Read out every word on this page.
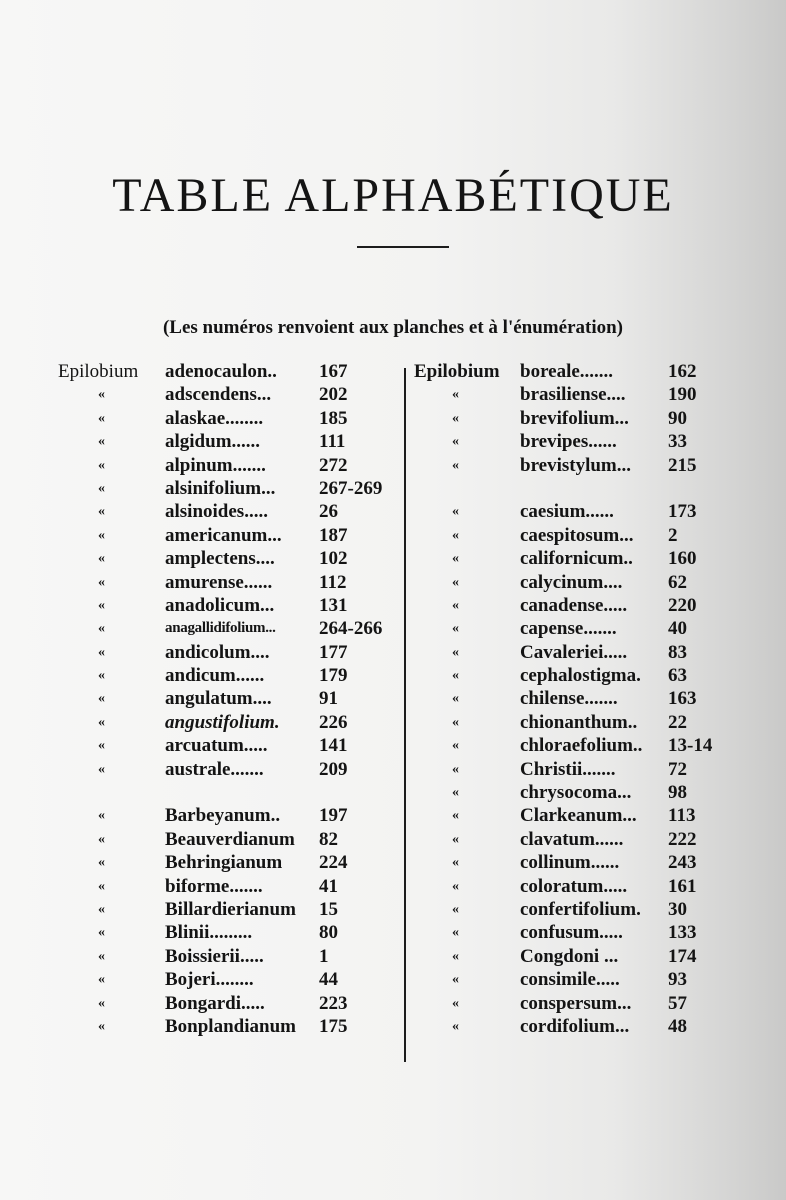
TABLE ALPHABÉTIQUE
(Les numéros renvoient aux planches et à l'énumération)
Epilobium adenocaulon.. 167
«	adscendens...	202
«	alaskae........	185
«	algidum......	111
«	alpinum.......	272
«	alsinifolium... 267-269
«	alsinoides.....	26
«	americanum... 187
«	amplectens.... 102
«	amurense...... 112
«	anadolicum... 131
«	anagallidifolium... 264-266
«	andicolum....	177
«	andicum......	179
«	angulatum.... 91
«	angustifolium. 226
«	arcuatum.....	141
«	australe.......	209
«	Barbeyanum.. 197
«	Beauverdianum 82
«	Behringianum 224
«	biforme.......	41
«	Billardierianum 15
«	Blinii.........	80
«	Boissierii.....	1
«	Bojeri........	44
«	Bongardi.....	223
«	Bonplandianum 175
Epilobium boreale.......	162
«	brasiliense.... 190
«	brevifolium... 90
«	brevipes......	33
«	brevistylum... 215
«	caesium......	173
«	caespitosum... 2
«	californicum.. 160
«	calycinum.... 62
«	canadense..... 220
«	capense.......	40
«	Cavaleriei..... 83
«	cephalostigma. 63
«	chilense.......	163
«	chionanthum.. 22
«	chloraefolium.. 13-14
«	Christii.......	72
«	chrysocoma... 98
«	Clarkeanum... 113
«	clavatum...... 222
«	collinum......	243
«	coloratum..... 161
«	confertifolium. 30
«	confusum..... 133
«	Congdoni ...	174
«	consimile.....	93
«	conspersum... 57
«	cordifolium... 48
